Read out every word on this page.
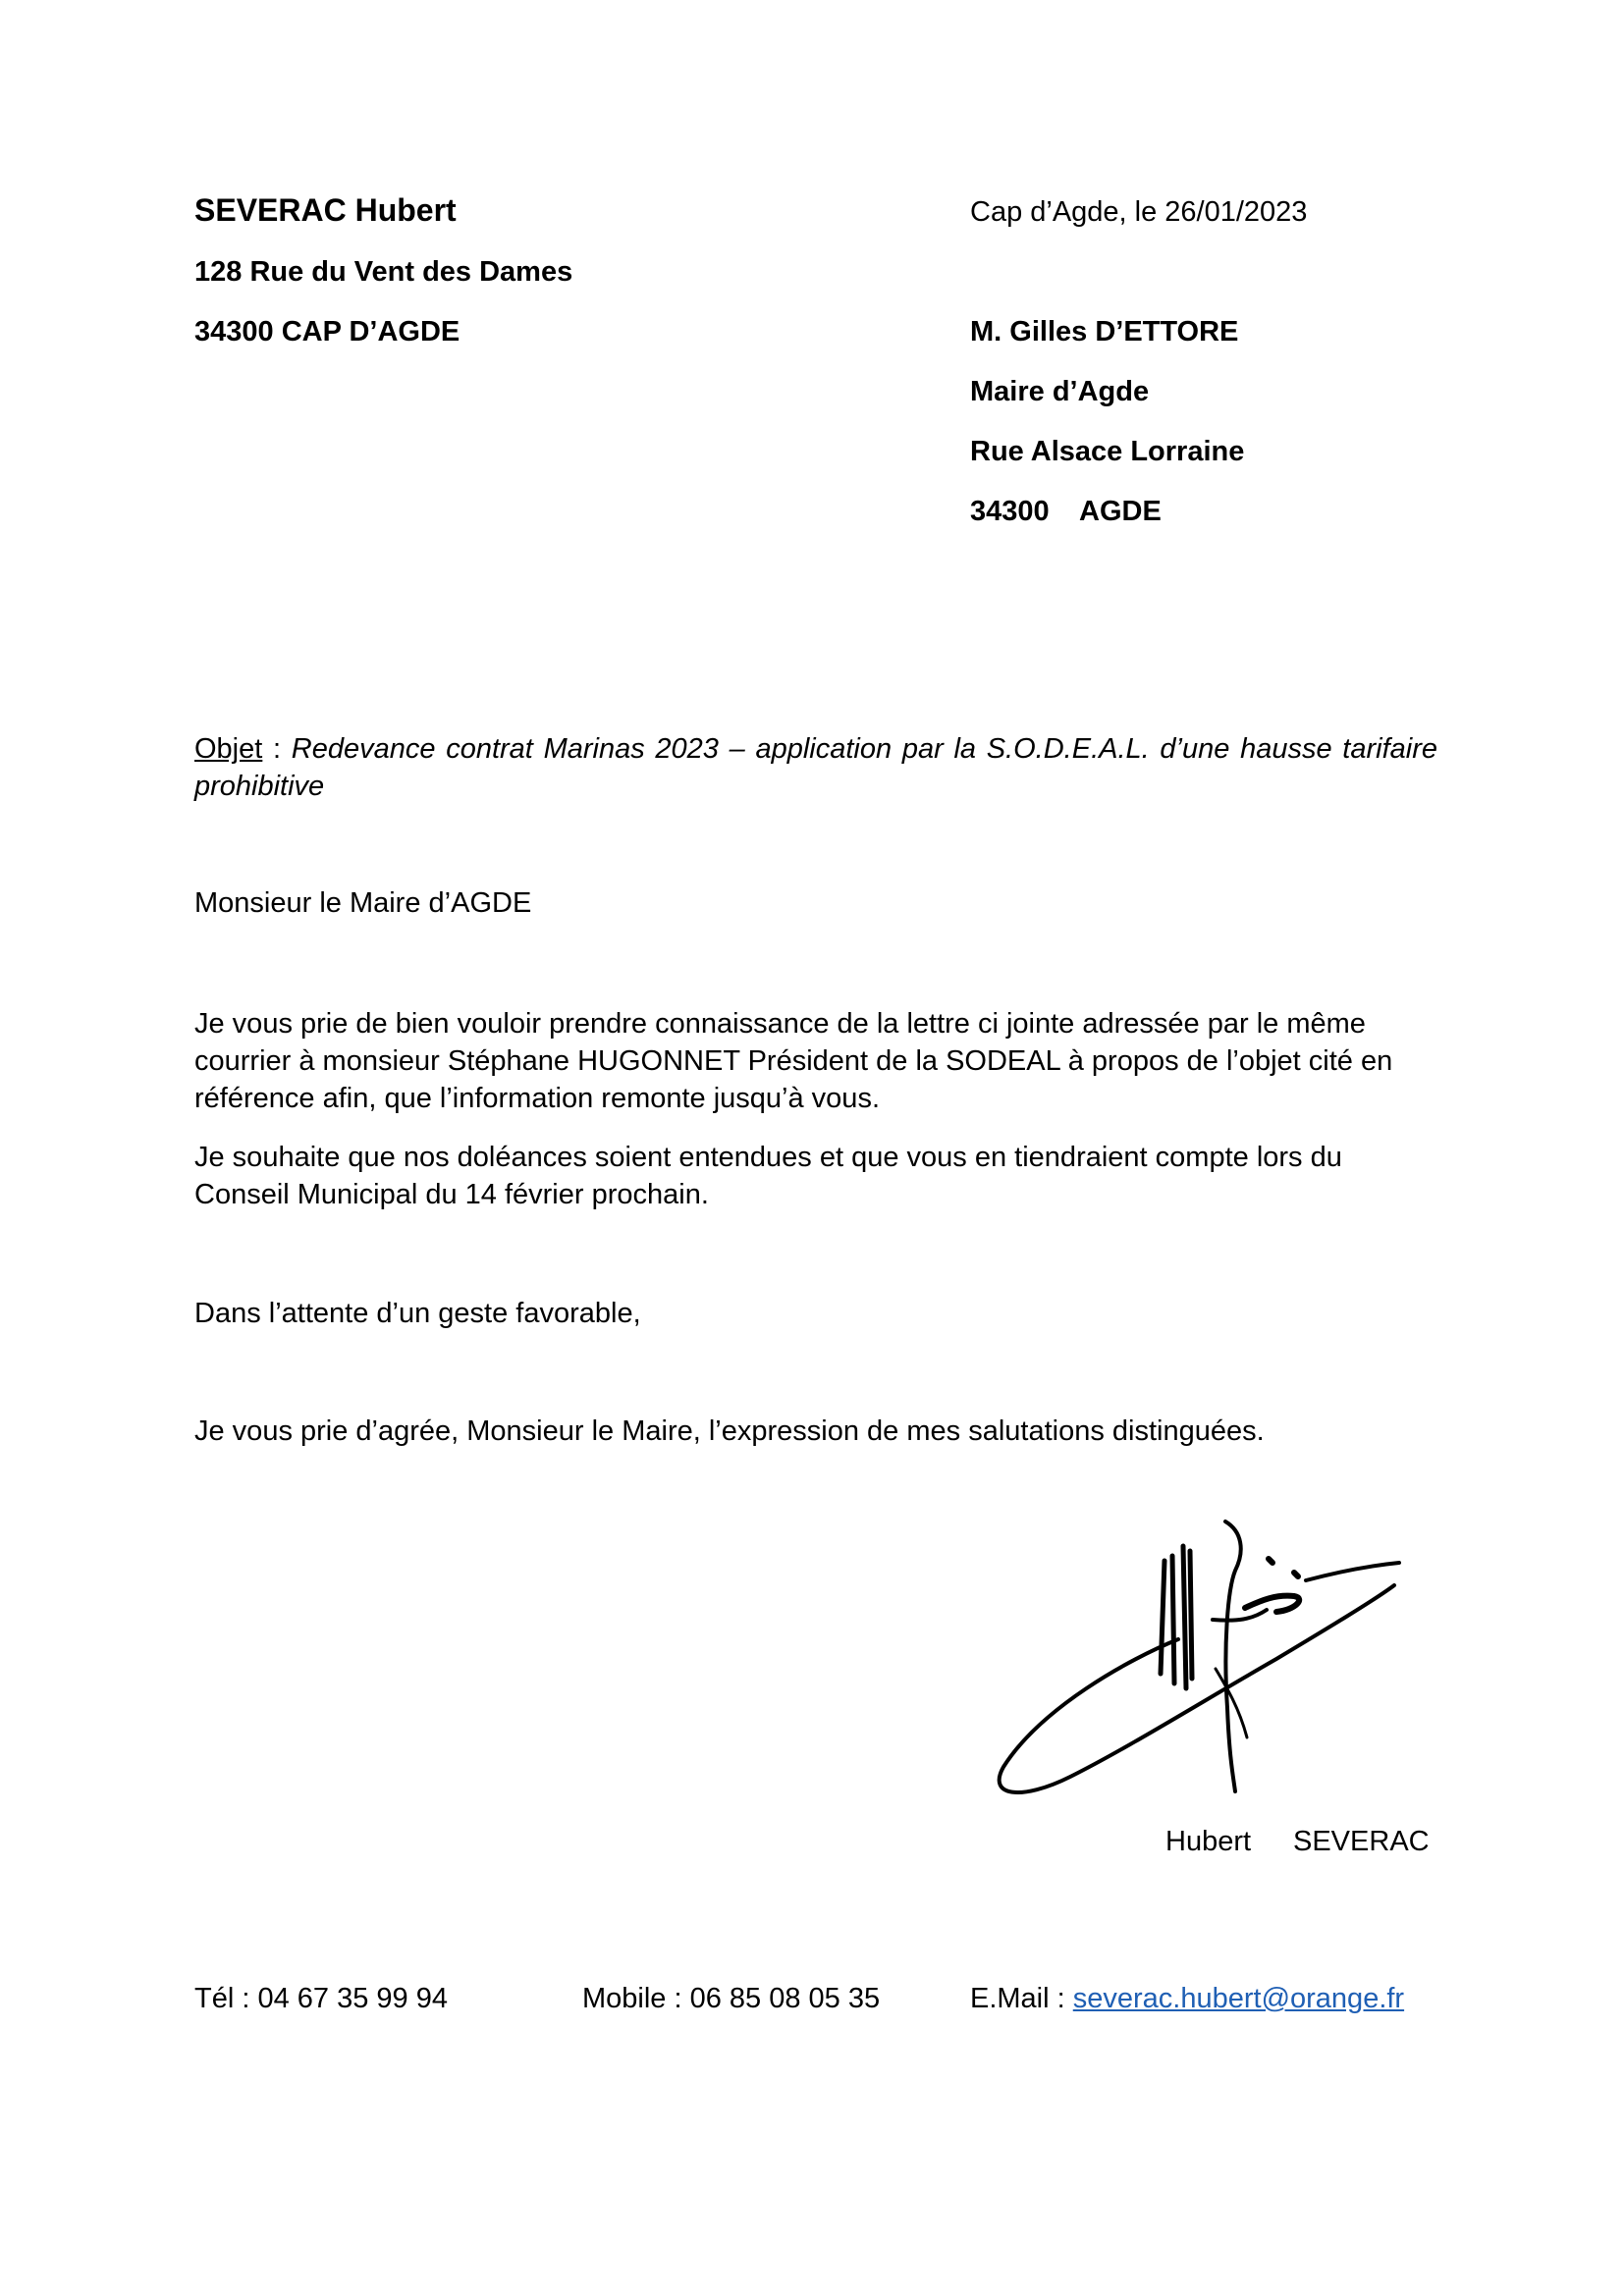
SEVERAC Hubert
128 Rue du Vent des Dames
34300 CAP D’AGDE
Cap d’Agde, le 26/01/2023
M. Gilles D’ETTORE
Maire d’Agde
Rue Alsace Lorraine
34300 AGDE
Objet : Redevance contrat Marinas 2023 – application par la S.O.D.E.A.L. d’une hausse tarifaire prohibitive
Monsieur le Maire d’AGDE
Je vous prie de bien vouloir prendre connaissance de la lettre ci jointe adressée par le même courrier à monsieur Stéphane HUGONNET Président de la SODEAL à propos de l’objet cité en référence afin, que l’information remonte jusqu’à vous.
Je souhaite que nos doléances soient entendues et que vous en tiendraient compte lors du Conseil Municipal du 14 février prochain.
Dans l’attente d’un geste favorable,
Je vous prie d’agrée, Monsieur le Maire, l’expression de mes salutations distinguées.
Hubert SEVERAC
Tél : 04 67 35 99 94	Mobile : 06 85 08 05 35	E.Mail : severac.hubert@orange.fr
